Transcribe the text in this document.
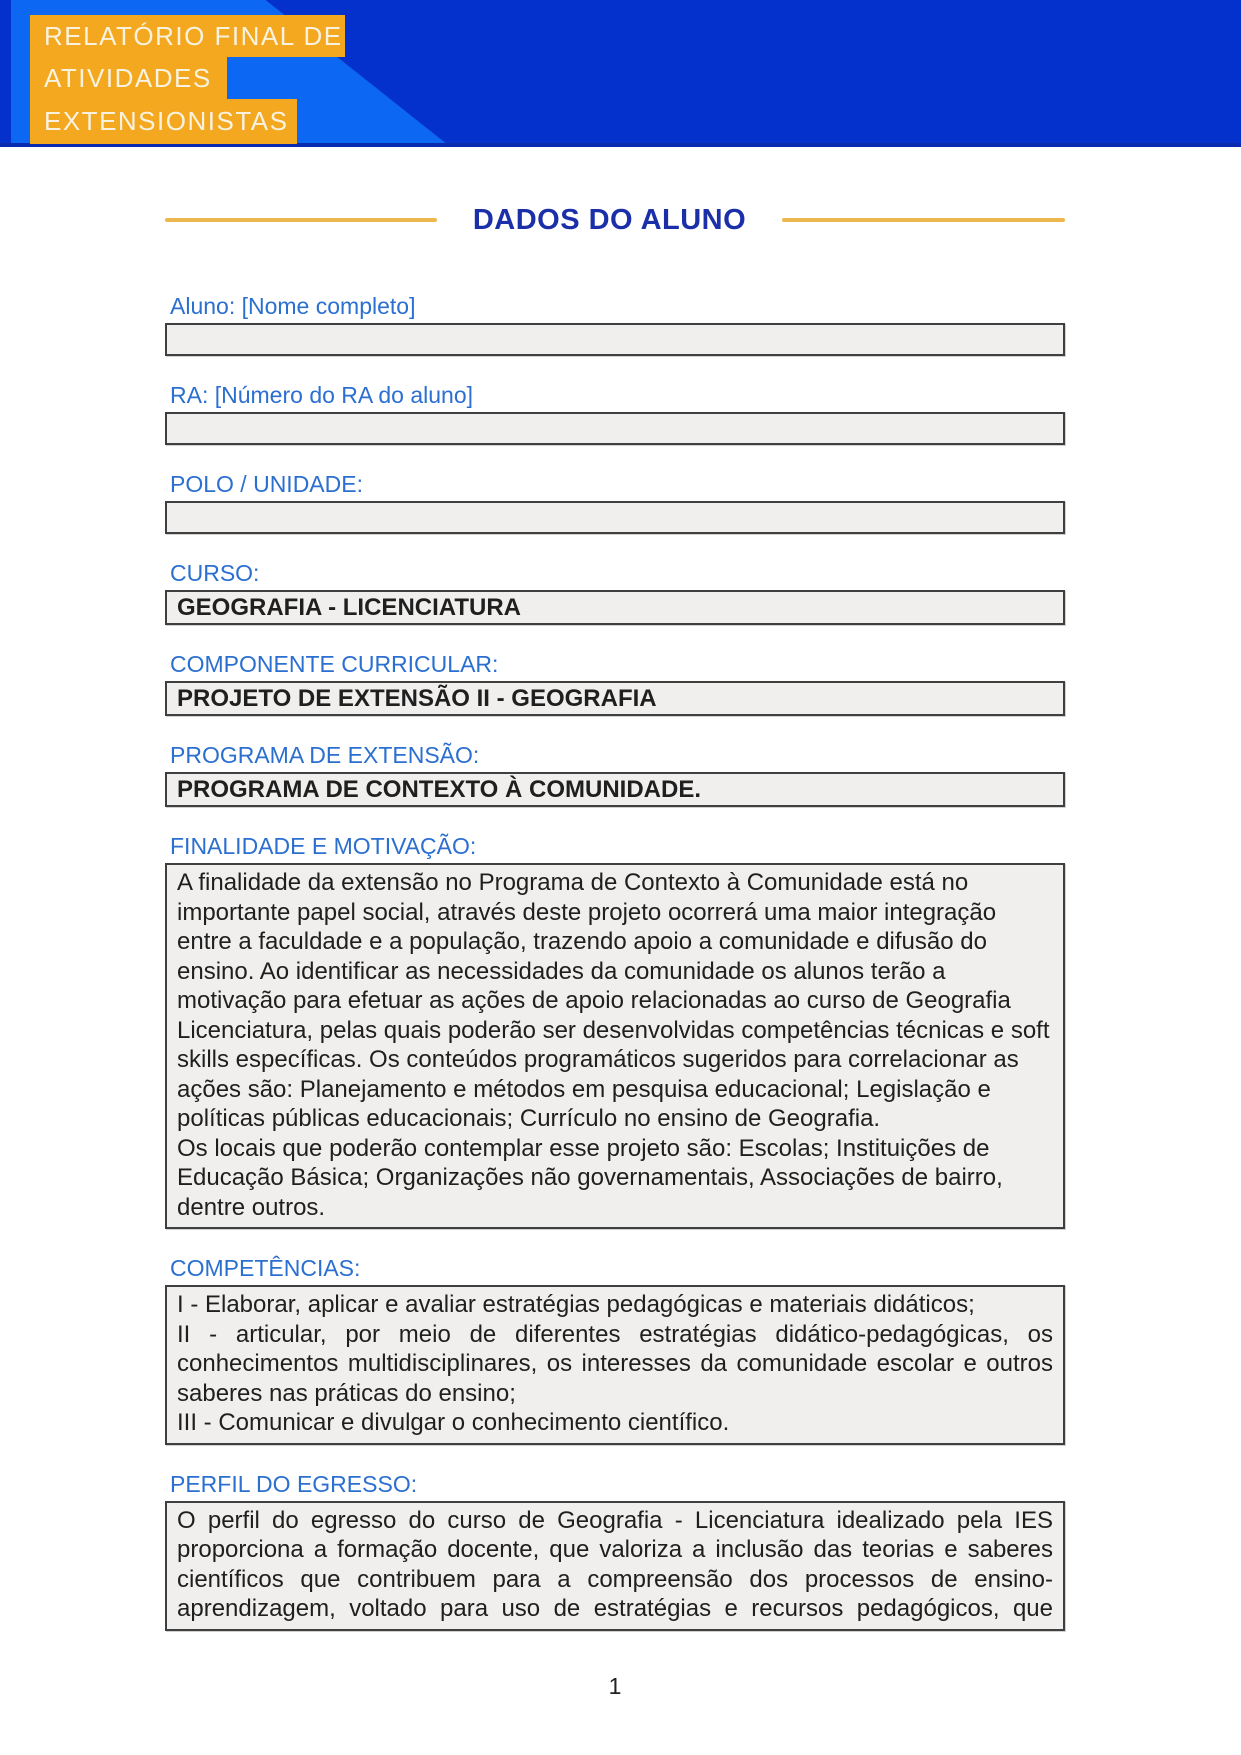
RELATÓRIO FINAL DE
ATIVIDADES
EXTENSIONISTAS
DADOS DO ALUNO
Aluno: [Nome completo]
RA: [Número do RA do aluno]
POLO / UNIDADE:
CURSO:
GEOGRAFIA - LICENCIATURA
COMPONENTE CURRICULAR:
PROJETO DE EXTENSÃO II - GEOGRAFIA
PROGRAMA DE EXTENSÃO:
PROGRAMA DE CONTEXTO À COMUNIDADE.
FINALIDADE E MOTIVAÇÃO:

A finalidade da extensão no Programa de Contexto à Comunidade está no importante papel social, através deste projeto ocorrerá uma maior integração entre a faculdade e a população, trazendo apoio a comunidade e difusão do ensino. Ao identificar as necessidades da comunidade os alunos terão a motivação para efetuar as ações de apoio relacionadas ao curso de Geografia Licenciatura, pelas quais poderão ser desenvolvidas competências técnicas e soft skills específicas. Os conteúdos programáticos sugeridos para correlacionar as ações são: Planejamento e métodos em pesquisa educacional; Legislação e políticas públicas educacionais; Currículo no ensino de Geografia.

Os locais que poderão contemplar esse projeto são: Escolas; Instituições de Educação Básica; Organizações não governamentais, Associações de bairro, dentre outros.

COMPETÊNCIAS:

I - Elaborar, aplicar e avaliar estratégias pedagógicas e materiais didáticos;

II - articular, por meio de diferentes estratégias didático-pedagógicas, os conhecimentos multidisciplinares, os interesses da comunidade escolar e outros saberes nas práticas do ensino;

III - Comunicar e divulgar o conhecimento científico.

PERFIL DO EGRESSO:

O perfil do egresso do curso de Geografia - Licenciatura idealizado pela IES proporciona a formação docente, que valoriza a inclusão das teorias e saberes científicos que contribuem para a compreensão dos processos de ensino-aprendizagem, voltado para uso de estratégias e recursos pedagógicos, que

1
